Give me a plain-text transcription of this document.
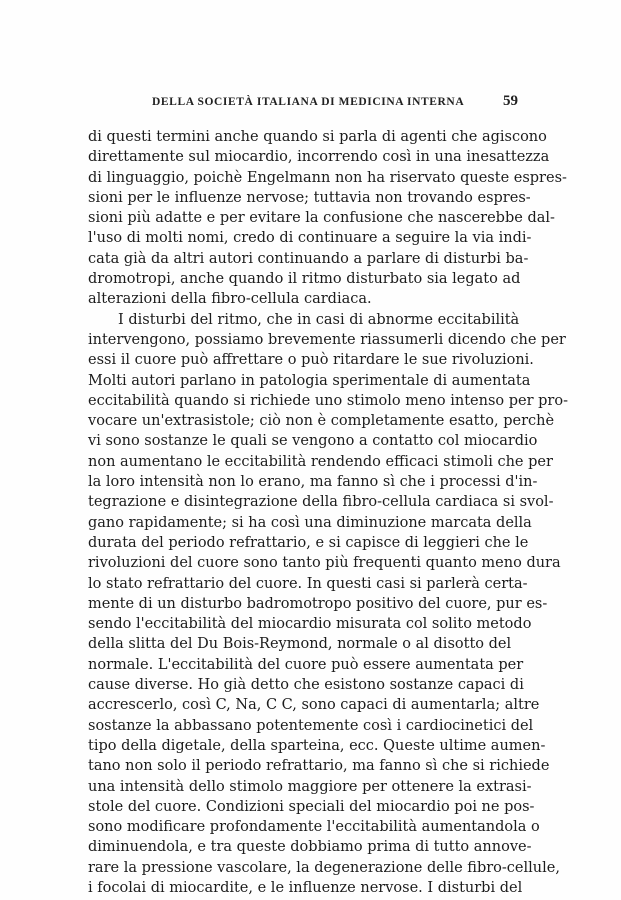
DELLA SOCIETÀ ITALIANA DI MEDICINA INTERNA	59
di questi termini anche quando si parla di agenti che agiscono
direttamente sul miocardio, incorrendo così in una inesattezza
di linguaggio, poichè Engelmann non ha riservato queste espres-
sioni per le influenze nervose; tuttavia non trovando espres-
sioni più adatte e per evitare la confusione che nascerebbe dal-
l'uso di molti nomi, credo di continuare a seguire la via indi-
cata già da altri autori continuando a parlare di disturbi ba-
dromotropi, anche quando il ritmo disturbato sia legato ad
alterazioni della fibro-cellula cardiaca.
I disturbi del ritmo, che in casi di abnorme eccitabilità
intervengono, possiamo brevemente riassumerli dicendo che per
essi il cuore può affrettare o può ritardare le sue rivoluzioni.
Molti autori parlano in patologia sperimentale di aumentata
eccitabilità quando si richiede uno stimolo meno intenso per pro-
vocare un'extrasistole; ciò non è completamente esatto, perchè
vi sono sostanze le quali se vengono a contatto col miocardio
non aumentano le eccitabilità rendendo efficaci stimoli che per
la loro intensità non lo erano, ma fanno sì che i processi d'in-
tegrazione e disintegrazione della fibro-cellula cardiaca si svol-
gano rapidamente; si ha così una diminuzione marcata della
durata del periodo refrattario, e si capisce di leggieri che le
rivoluzioni del cuore sono tanto più frequenti quanto meno dura
lo stato refrattario del cuore. In questi casi si parlerà certa-
mente di un disturbo badromotropo positivo del cuore, pur es-
sendo l'eccitabilità del miocardio misurata col solito metodo
della slitta del Du Bois-Reymond, normale o al disotto del
normale. L'eccitabilità del cuore può essere aumentata per
cause diverse. Ho già detto che esistono sostanze capaci di
accrescerlo, così C, Na, C C, sono capaci di aumentarla; altre
sostanze la abbassano potentemente così i cardiocinetici del
tipo della digetale, della sparteina, ecc. Queste ultime aumen-
tano non solo il periodo refrattario, ma fanno sì che si richiede
una intensità dello stimolo maggiore per ottenere la extrasi-
stole del cuore. Condizioni speciali del miocardio poi ne pos-
sono modificare profondamente l'eccitabilità aumentandola o
diminuendola, e tra queste dobbiamo prima di tutto annove-
rare la pressione vascolare, la degenerazione delle fibro-cellule,
i focolai di miocardite, e le influenze nervose. I disturbi del
